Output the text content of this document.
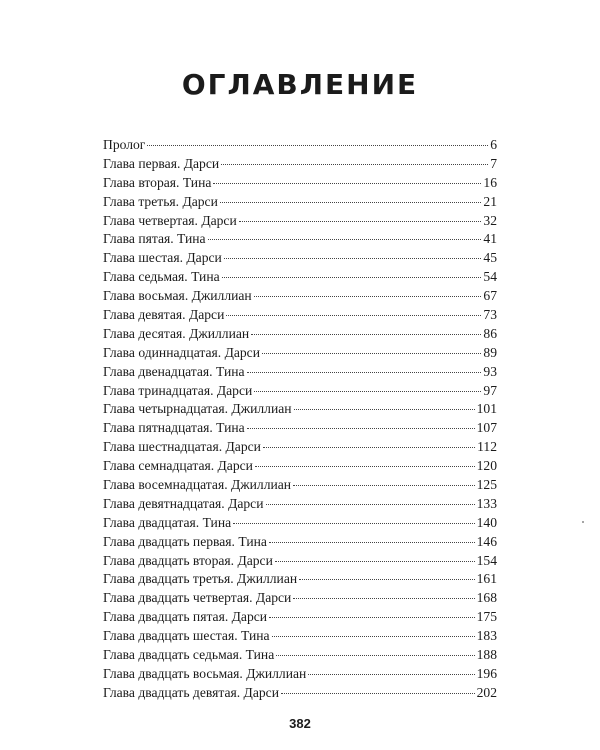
ОГЛАВЛЕНИЕ
Пролог	6
Глава первая. Дарси	7
Глава вторая. Тина	16
Глава третья. Дарси	21
Глава четвертая. Дарси	32
Глава пятая. Тина	41
Глава шестая. Дарси	45
Глава седьмая. Тина	54
Глава восьмая. Джиллиан	67
Глава девятая. Дарси	73
Глава десятая. Джиллиан	86
Глава одиннадцатая. Дарси	89
Глава двенадцатая. Тина	93
Глава тринадцатая. Дарси	97
Глава четырнадцатая. Джиллиан	101
Глава пятнадцатая. Тина	107
Глава шестнадцатая. Дарси	112
Глава семнадцатая. Дарси	120
Глава восемнадцатая. Джиллиан	125
Глава девятнадцатая. Дарси	133
Глава двадцатая. Тина	140
Глава двадцать первая. Тина	146
Глава двадцать вторая. Дарси	154
Глава двадцать третья. Джиллиан	161
Глава двадцать четвертая. Дарси	168
Глава двадцать пятая. Дарси	175
Глава двадцать шестая. Тина	183
Глава двадцать седьмая. Тина	188
Глава двадцать восьмая. Джиллиан	196
Глава двадцать девятая. Дарси	202
382
